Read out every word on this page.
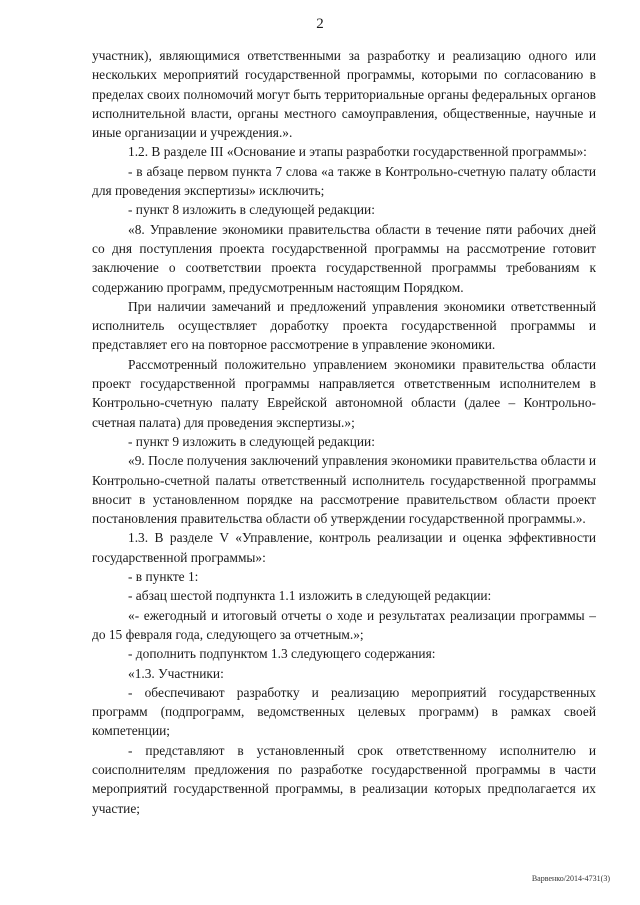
2

участник), являющимися ответственными за разработку и реализацию одного или нескольких мероприятий государственной программы, которыми по согласованию в пределах своих полномочий могут быть территориальные органы федеральных органов исполнительной власти, органы местного самоуправления, общественные, научные и иные организации и учреждения.».

1.2. В разделе III «Основание и этапы разработки государственной программы»:

- в абзаце первом пункта 7 слова «а также в Контрольно-счетную палату области для проведения экспертизы» исключить;

- пункт 8 изложить в следующей редакции:

«8. Управление экономики правительства области в течение пяти рабочих дней со дня поступления проекта государственной программы на рассмотрение готовит заключение о соответствии проекта государственной программы требованиям к содержанию программ, предусмотренным настоящим Порядком.

При наличии замечаний и предложений управления экономики ответственный исполнитель осуществляет доработку проекта государственной программы и представляет его на повторное рассмотрение в управление экономики.

Рассмотренный положительно управлением экономики правительства области проект государственной программы направляется ответственным исполнителем в Контрольно-счетную палату Еврейской автономной области (далее – Контрольно-счетная палата) для проведения экспертизы.»;

- пункт 9 изложить в следующей редакции:

«9. После получения заключений управления экономики правительства области и Контрольно-счетной палаты ответственный исполнитель государственной программы вносит в установленном порядке на рассмотрение правительством области проект постановления правительства области об утверждении государственной программы.».

1.3. В разделе V «Управление, контроль реализации и оценка эффективности государственной программы»:

- в пункте 1:

- абзац шестой подпункта 1.1 изложить в следующей редакции:

«- ежегодный и итоговый отчеты о ходе и результатах реализации программы – до 15 февраля года, следующего за отчетным.»;

- дополнить подпунктом 1.3 следующего содержания:

«1.3. Участники:

- обеспечивают разработку и реализацию мероприятий государственных программ (подпрограмм, ведомственных целевых программ) в рамках своей компетенции;

- представляют в установленный срок ответственному исполнителю и соисполнителям предложения по разработке государственной программы в части мероприятий государственной программы, в реализации которых предполагается их участие;

Варвенко/2014-4731(3)
